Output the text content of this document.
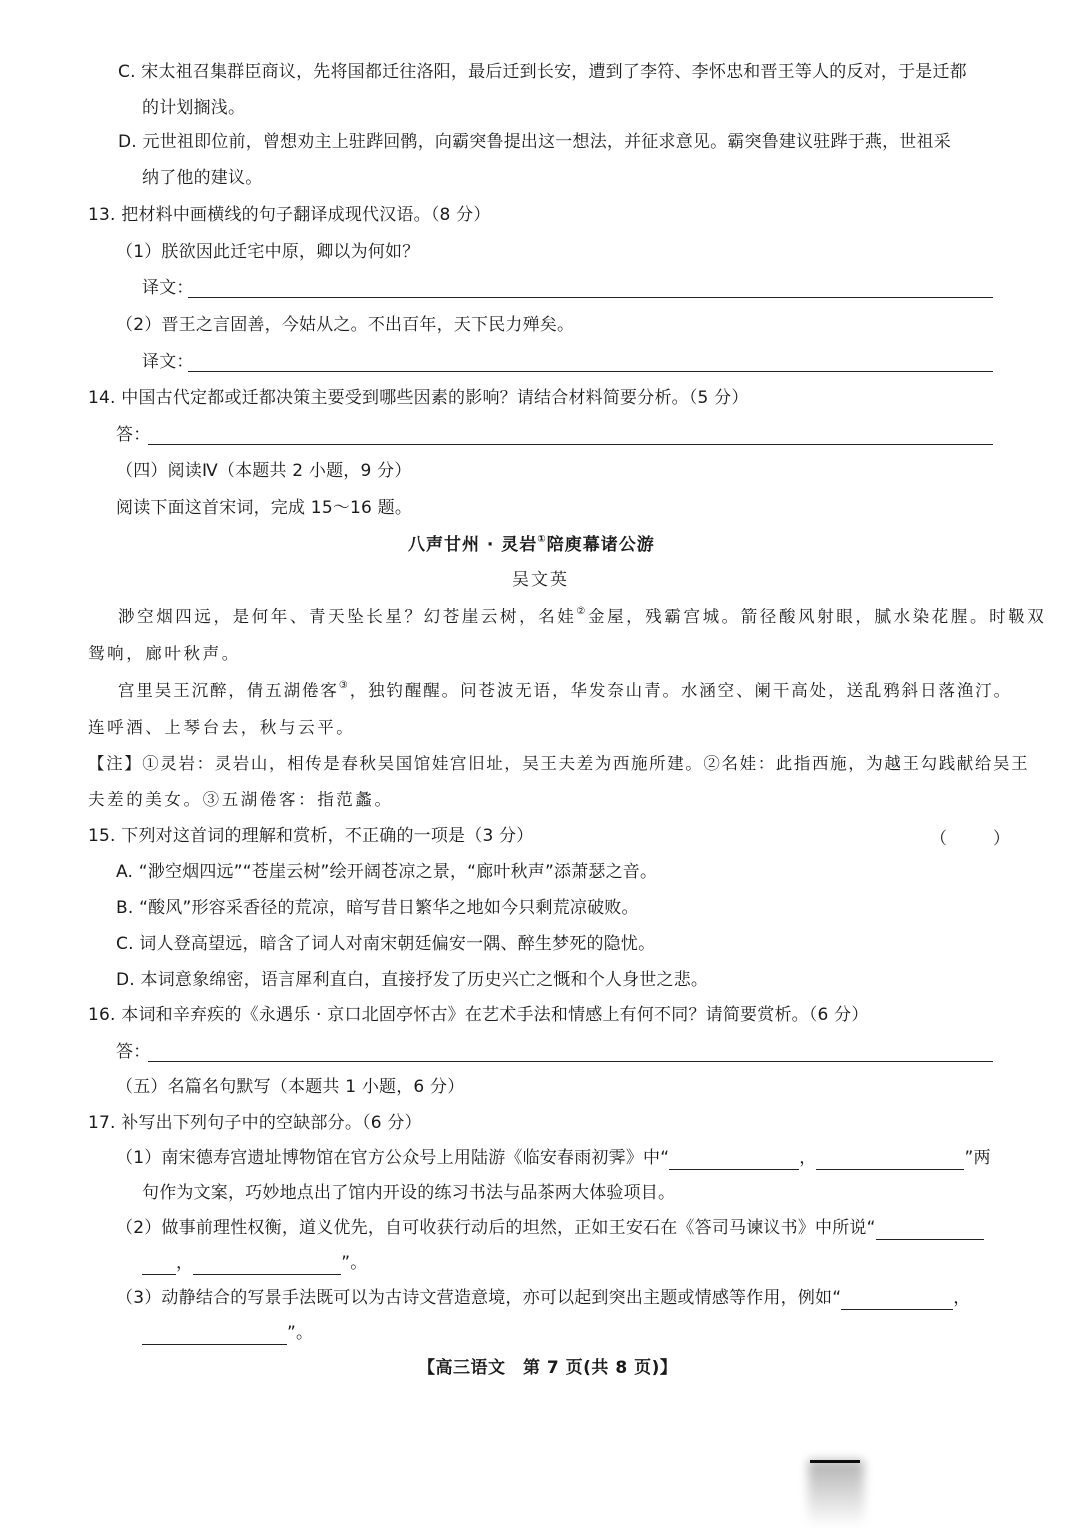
C. 宋太祖召集群臣商议，先将国都迁往洛阳，最后迁到长安，遭到了李符、李怀忠和晋王等人的反对，于是迁都
的计划搁浅。
D. 元世祖即位前，曾想劝主上驻跸回鹘，向霸突鲁提出这一想法，并征求意见。霸突鲁建议驻跸于燕，世祖采
纳了他的建议。
13. 把材料中画横线的句子翻译成现代汉语。（8 分）
（1）朕欲因此迁宅中原，卿以为何如？
译文：
（2）晋王之言固善，今姑从之。不出百年，天下民力殚矣。
译文：
14. 中国古代定都或迁都决策主要受到哪些因素的影响？请结合材料简要分析。（5 分）
答：
（四）阅读Ⅳ（本题共 2 小题，9 分）
阅读下面这首宋词，完成 15～16 题。
八声甘州 · 灵岩①陪庾幕诸公游
吴文英
渺空烟四远，是何年、青天坠长星？幻苍崖云树，名娃②金屋，残霸宫城。箭径酸风射眼，腻水染花腥。时靸双
鸳响，廊叶秋声。
宫里吴王沉醉，倩五湖倦客③，独钓醒醒。问苍波无语，华发奈山青。水涵空、阑干高处，送乱鸦斜日落渔汀。
连呼酒、上琴台去，秋与云平。
【注】①灵岩：灵岩山，相传是春秋吴国馆娃宫旧址，吴王夫差为西施所建。②名娃：此指西施，为越王勾践献给吴王
夫差的美女。③五湖倦客：指范蠡。
15. 下列对这首词的理解和赏析，不正确的一项是（3 分）	（　　）
A. “渺空烟四远”“苍崖云树”绘开阔苍凉之景，“廊叶秋声”添萧瑟之音。
B. “酸风”形容采香径的荒凉，暗写昔日繁华之地如今只剩荒凉破败。
C. 词人登高望远，暗含了词人对南宋朝廷偏安一隅、醉生梦死的隐忧。
D. 本词意象绵密，语言犀利直白，直接抒发了历史兴亡之慨和个人身世之悲。
16. 本词和辛弃疾的《永遇乐 · 京口北固亭怀古》在艺术手法和情感上有何不同？请简要赏析。（6 分）
答：
（五）名篇名句默写（本题共 1 小题，6 分）
17. 补写出下列句子中的空缺部分。（6 分）
（1）南宋德寿宫遗址博物馆在官方公众号上用陆游《临安春雨初霁》中“	，	”两
句作为文案，巧妙地点出了馆内开设的练习书法与品茶两大体验项目。
（2）做事前理性权衡，道义优先，自可收获行动后的坦然，正如王安石在《答司马谏议书》中所说“
，	”。
（3）动静结合的写景手法既可以为古诗文营造意境，亦可以起到突出主题或情感等作用，例如“	，
”。
【高三语文　第 7 页(共 8 页)】
